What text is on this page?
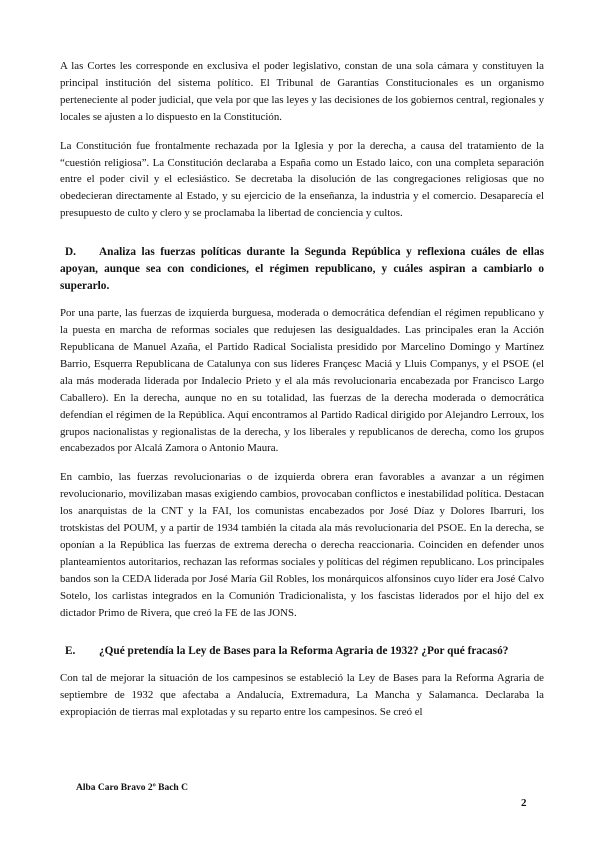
A las Cortes les corresponde en exclusiva el poder legislativo, constan de una sola cámara y constituyen la principal institución del sistema político. El Tribunal de Garantías Constitucionales es un organismo perteneciente al poder judicial, que vela por que las leyes y las decisiones de los gobiernos central, regionales y locales se ajusten a lo dispuesto en la Constitución.

La Constitución fue frontalmente rechazada por la Iglesia y por la derecha, a causa del tratamiento de la “cuestión religiosa”. La Constitución declaraba a España como un Estado laico, con una completa separación entre el poder civil y el eclesiástico. Se decretaba la disolución de las congregaciones religiosas que no obedecieran directamente al Estado, y su ejercicio de la enseñanza, la industria y el comercio. Desaparecía el presupuesto de culto y clero y se proclamaba la libertad de conciencia y cultos.

D. Analiza las fuerzas políticas durante la Segunda República y reflexiona cuáles de ellas apoyan, aunque sea con condiciones, el régimen republicano, y cuáles aspiran a cambiarlo o superarlo.

Por una parte, las fuerzas de izquierda burguesa, moderada o democrática defendían el régimen republicano y la puesta en marcha de reformas sociales que redujesen las desigualdades. Las principales eran la Acción Republicana de Manuel Azaña, el Partido Radical Socialista presidido por Marcelino Domingo y Martínez Barrio, Esquerra Republicana de Catalunya con sus líderes Françesc Maciá y Lluis Companys, y el PSOE (el ala más moderada liderada por Indalecio Prieto y el ala más revolucionaria encabezada por Francisco Largo Caballero). En la derecha, aunque no en su totalidad, las fuerzas de la derecha moderada o democrática defendían el régimen de la República. Aquí encontramos al Partido Radical dirigido por Alejandro Lerroux, los grupos nacionalistas y regionalistas de la derecha, y los liberales y republicanos de derecha, como los grupos encabezados por Alcalá Zamora o Antonio Maura.

En cambio, las fuerzas revolucionarias o de izquierda obrera eran favorables a avanzar a un régimen revolucionario, movilizaban masas exigiendo cambios, provocaban conflictos e inestabilidad política. Destacan los anarquistas de la CNT y la FAI, los comunistas encabezados por José Díaz y Dolores Ibarruri, los trotskistas del POUM, y a partir de 1934 también la citada ala más revolucionaria del PSOE. En la derecha, se oponían a la República las fuerzas de extrema derecha o derecha reaccionaria. Coinciden en defender unos planteamientos autoritarios, rechazan las reformas sociales y políticas del régimen republicano. Los principales bandos son la CEDA liderada por José María Gil Robles, los monárquicos alfonsinos cuyo líder era José Calvo Sotelo, los carlistas integrados en la Comunión Tradicionalista, y los fascistas liderados por el hijo del ex dictador Primo de Rivera, que creó la FE de las JONS.

E. ¿Qué pretendía la Ley de Bases para la Reforma Agraria de 1932? ¿Por qué fracasó?

Con tal de mejorar la situación de los campesinos se estableció la Ley de Bases para la Reforma Agraria de septiembre de 1932 que afectaba a Andalucía, Extremadura, La Mancha y Salamanca. Declaraba la expropiación de tierras mal explotadas y su reparto entre los campesinos. Se creó el

Alba Caro Bravo 2º Bach C
2
